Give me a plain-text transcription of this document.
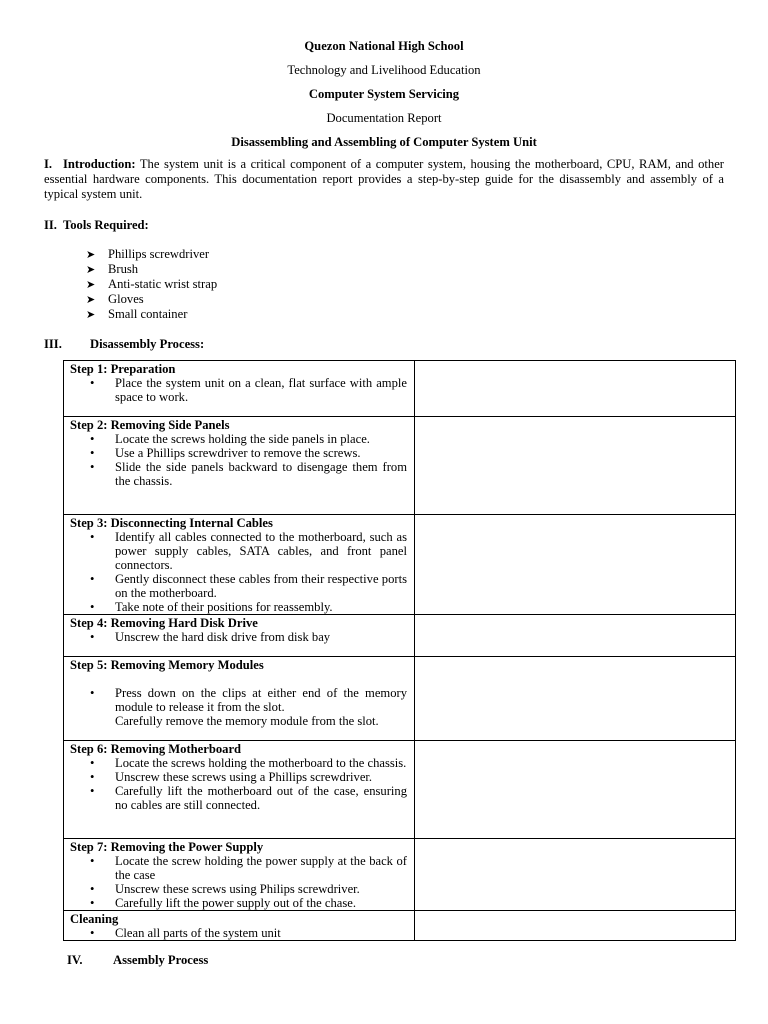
Quezon National High School
Technology and Livelihood Education
Computer System Servicing
Documentation Report
Disassembling and Assembling of Computer System Unit
I. Introduction: The system unit is a critical component of a computer system, housing the motherboard, CPU, RAM, and other essential hardware components. This documentation report provides a step-by-step guide for the disassembly and assembly of a typical system unit.
II. Tools Required:
➤ Phillips screwdriver
➤ Brush
➤ Anti-static wrist strap
➤ Gloves
➤ Small container
III. Disassembly Process:
Step 1: Preparation
•
Place the system unit on a clean, flat surface with ample space to work.

Step 2: Removing Side Panels
•
Locate the screws holding the side panels in place.
•
Use a Phillips screwdriver to remove the screws.
•
Slide the side panels backward to disengage them from the chassis.

Step 3: Disconnecting Internal Cables
•
Identify all cables connected to the motherboard, such as power supply cables, SATA cables, and front panel connectors.
•
Gently disconnect these cables from their respective ports on the motherboard.
•
Take note of their positions for reassembly.

Step 4: Removing Hard Disk Drive
•
Unscrew the hard disk drive from disk bay

Step 5: Removing Memory Modules
•
Press down on the clips at either end of the memory module to release it from the slot.
Carefully remove the memory module from the slot.

Step 6: Removing Motherboard
•
Locate the screws holding the motherboard to the chassis.
•
Unscrew these screws using a Phillips screwdriver.
•
Carefully lift the motherboard out of the case, ensuring no cables are still connected.

Step 7: Removing the Power Supply
•
Locate the screw holding the power supply at the back of the case
•
Unscrew these screws using Philips screwdriver.
•
Carefully lift the power supply out of the chase.

Cleaning
•
Clean all parts of the system unit

IV. Assembly Process
